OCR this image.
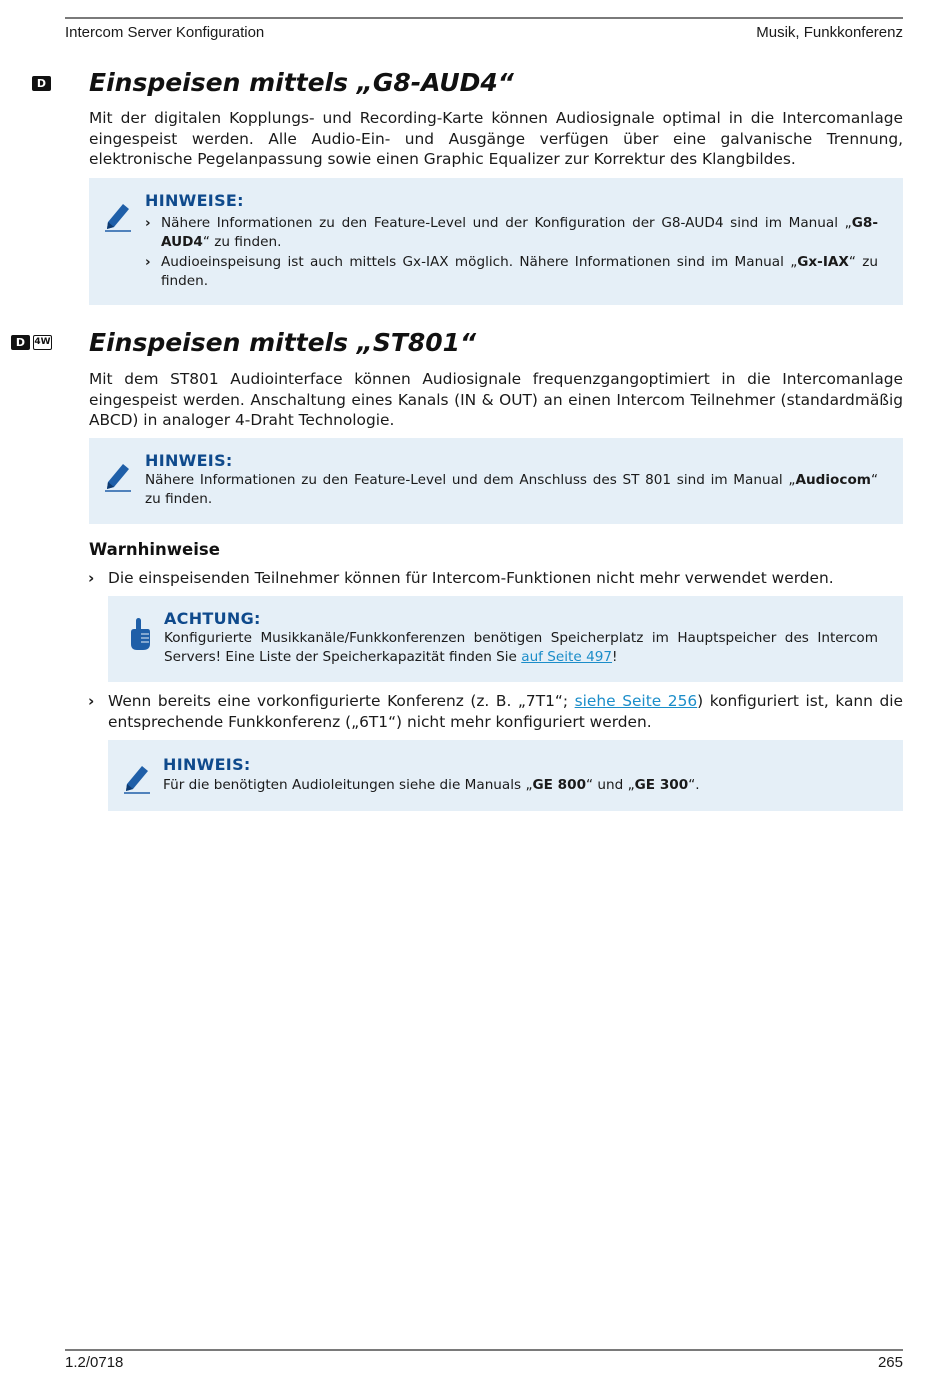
Intercom Server Konfiguration	Musik, Funkkonferenz
D Einspeisen mittels „G8-AUD4“

Mit der digitalen Kopplungs- und Recording-Karte können Audiosignale optimal in die Intercomanlage eingespeist werden. Alle Audio-Ein- und Ausgänge verfügen über eine galvanische Trennung, elektronische Pegelanpassung sowie einen Graphic Equalizer zur Korrektur des Klangbildes.

HINWEISE:
› Nähere Informationen zu den Feature-Level und der Konfiguration der G8-AUD4 sind im Manual „G8-AUD4“ zu finden.
› Audioeinspeisung ist auch mittels Gx-IAX möglich. Nähere Informationen sind im Manual „Gx-IAX“ zu finden.
D	4W Einspeisen mittels „ST801“

Mit dem ST801 Audiointerface können Audiosignale frequenzgangoptimiert in die Intercomanlage eingespeist werden. Anschaltung eines Kanals (IN & OUT) an einen Intercom Teilnehmer (standardmäßig ABCD) in analoger 4-Draht Technologie.

HINWEIS:
Nähere Informationen zu den Feature-Level und dem Anschluss des ST 801 sind im Manual „Audiocom“ zu finden.
Warnhinweise
› Die einspeisenden Teilnehmer können für Intercom-Funktionen nicht mehr verwendet werden.
ACHTUNG:
Konfigurierte Musikkanäle/Funkkonferenzen benötigen Speicherplatz im Hauptspeicher des Intercom Servers! Eine Liste der Speicherkapazität finden Sie auf Seite 497!
› Wenn bereits eine vorkonfigurierte Konferenz (z. B. „7T1“; siehe Seite 256) konfiguriert ist, kann die entsprechende Funkkonferenz („6T1“) nicht mehr konfiguriert werden.
HINWEIS:
Für die benötigten Audioleitungen siehe die Manuals „GE 800“ und „GE 300“.
1.2/0718	265
